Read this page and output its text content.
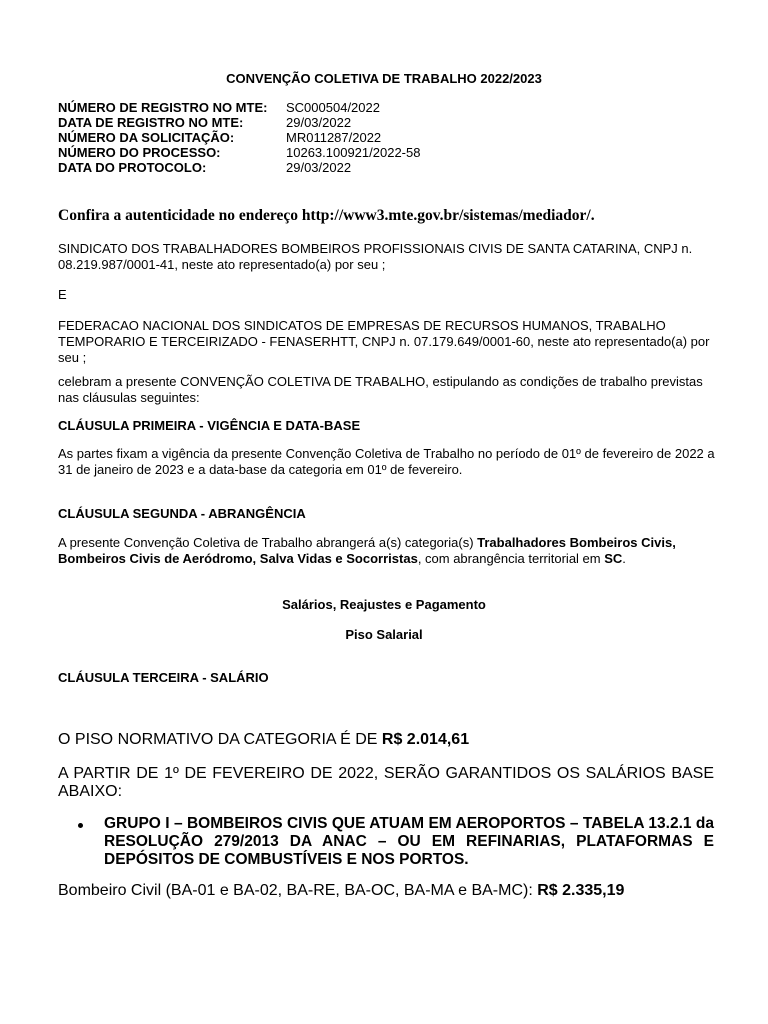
CONVENÇÃO COLETIVA DE TRABALHO 2022/2023
NÚMERO DE REGISTRO NO MTE:	SC000504/2022
DATA DE REGISTRO NO MTE:	29/03/2022
NÚMERO DA SOLICITAÇÃO:	MR011287/2022
NÚMERO DO PROCESSO:	10263.100921/2022-58
DATA DO PROTOCOLO:	29/03/2022
Confira a autenticidade no endereço http://www3.mte.gov.br/sistemas/mediador/.
SINDICATO DOS TRABALHADORES BOMBEIROS PROFISSIONAIS CIVIS DE SANTA CATARINA, CNPJ n. 08.219.987/0001-41, neste ato representado(a) por seu ;
E
FEDERACAO NACIONAL DOS SINDICATOS DE EMPRESAS DE RECURSOS HUMANOS, TRABALHO TEMPORARIO E TERCEIRIZADO - FENASERHTT, CNPJ n. 07.179.649/0001-60, neste ato representado(a) por seu ;
celebram a presente CONVENÇÃO COLETIVA DE TRABALHO, estipulando as condições de trabalho previstas nas cláusulas seguintes:
CLÁUSULA PRIMEIRA - VIGÊNCIA E DATA-BASE
As partes fixam a vigência da presente Convenção Coletiva de Trabalho no período de 01º de fevereiro de 2022 a 31 de janeiro de 2023 e a data-base da categoria em 01º de fevereiro.
CLÁUSULA SEGUNDA - ABRANGÊNCIA
A presente Convenção Coletiva de Trabalho abrangerá a(s) categoria(s) Trabalhadores Bombeiros Civis, Bombeiros Civis de Aeródromo, Salva Vidas e Socorristas, com abrangência territorial em SC.
Salários, Reajustes e Pagamento
Piso Salarial
CLÁUSULA TERCEIRA - SALÁRIO
O PISO NORMATIVO DA CATEGORIA É DE R$ 2.014,61
A PARTIR DE 1º DE FEVEREIRO DE 2022, SERÃO GARANTIDOS OS SALÁRIOS BASE ABAIXO:
GRUPO I – BOMBEIROS CIVIS QUE ATUAM EM AEROPORTOS – TABELA 13.2.1 da RESOLUÇÃO 279/2013 DA ANAC – OU EM REFINARIAS, PLATAFORMAS E DEPÓSITOS DE COMBUSTÍVEIS E NOS PORTOS.
Bombeiro Civil (BA-01 e BA-02, BA-RE, BA-OC, BA-MA e BA-MC): R$ 2.335,19
